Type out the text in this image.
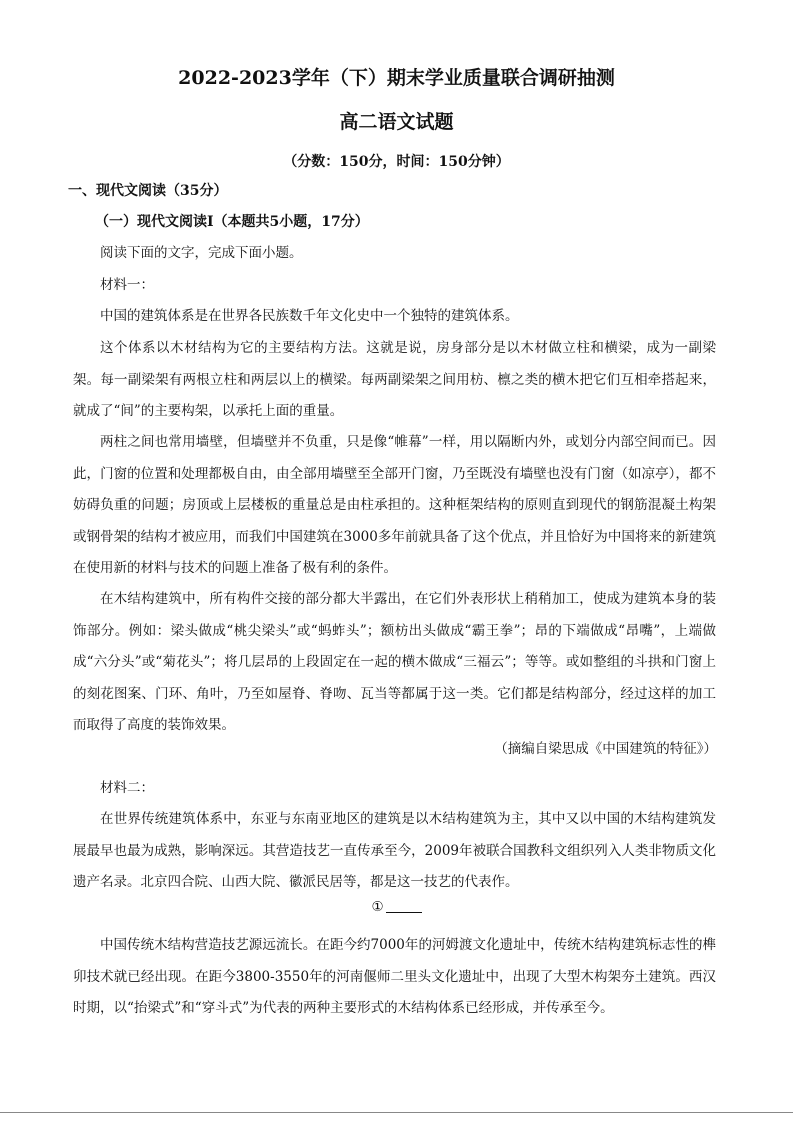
2022-2023学年（下）期末学业质量联合调研抽测
高二语文试题
（分数：150分，时间：150分钟）
一、现代文阅读（35分）
（一）现代文阅读Ⅰ（本题共5小题，17分）

阅读下面的文字，完成下面小题。

材料一：

中国的建筑体系是在世界各民族数千年文化史中一个独特的建筑体系。

这个体系以木材结构为它的主要结构方法。这就是说，房身部分是以木材做立柱和横梁，成为一副梁架。每一副梁架有两根立柱和两层以上的横梁。每两副梁架之间用枋、檩之类的横木把它们互相牵搭起来，就成了“间”的主要构架，以承托上面的重量。

两柱之间也常用墙壁，但墙壁并不负重，只是像“帷幕”一样，用以隔断内外，或划分内部空间而已。因此，门窗的位置和处理都极自由，由全部用墙壁至全部开门窗，乃至既没有墙壁也没有门窗（如凉亭），都不妨碍负重的问题；房顶或上层楼板的重量总是由柱承担的。这种框架结构的原则直到现代的钢筋混凝土构架或钢骨架的结构才被应用，而我们中国建筑在3000多年前就具备了这个优点，并且恰好为中国将来的新建筑在使用新的材料与技术的问题上准备了极有利的条件。

在木结构建筑中，所有构件交接的部分都大半露出，在它们外表形状上稍稍加工，使成为建筑本身的装饰部分。例如：梁头做成“桃尖梁头”或“蚂蚱头”；额枋出头做成“霸王拳”；昂的下端做成“昂嘴”，上端做成“六分头”或“菊花头”；将几层昂的上段固定在一起的横木做成“三福云”；等等。或如整组的斗拱和门窗上的刻花图案、门环、角叶，乃至如屋脊、脊吻、瓦当等都属于这一类。它们都是结构部分，经过这样的加工而取得了高度的装饰效果。

（摘编自梁思成《中国建筑的特征》）

材料二：

在世界传统建筑体系中，东亚与东南亚地区的建筑是以木结构建筑为主，其中又以中国的木结构建筑发展最早也最为成熟，影响深远。其营造技艺一直传承至今，2009年被联合国教科文组织列入人类非物质文化遗产名录。北京四合院、山西大院、徽派民居等，都是这一技艺的代表作。

①

中国传统木结构营造技艺源远流长。在距今约7000年的河姆渡文化遗址中，传统木结构建筑标志性的榫卯技术就已经出现。在距今3800-3550年的河南偃师二里头文化遗址中，出现了大型木构架夯土建筑。西汉时期，以“抬梁式”和“穿斗式”为代表的两种主要形式的木结构体系已经形成，并传承至今。
